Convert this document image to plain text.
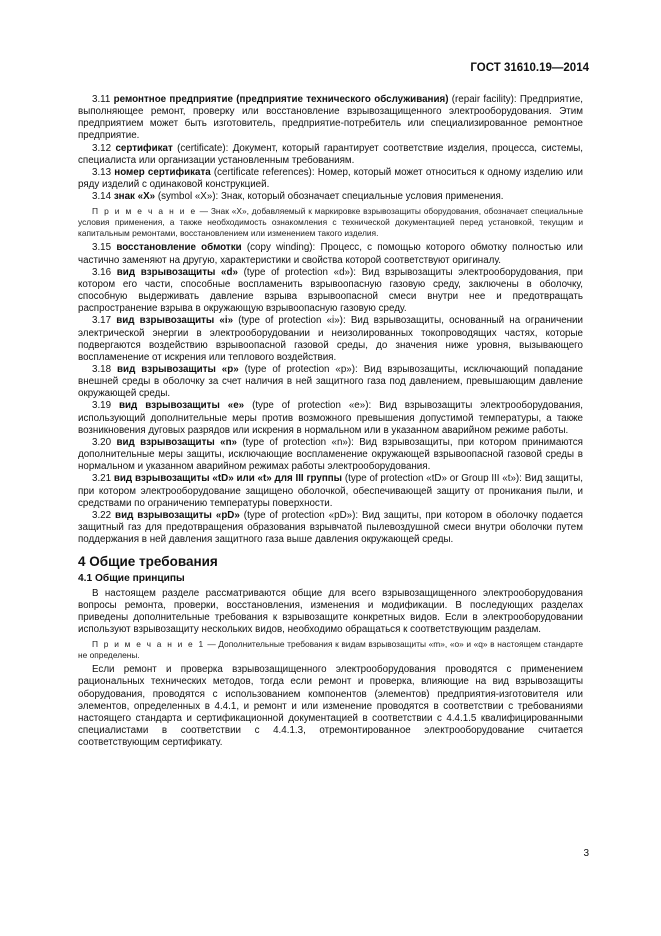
ГОСТ 31610.19—2014

3.11 ремонтное предприятие (предприятие технического обслуживания) (repair facility): Предприятие, выполняющее ремонт, проверку или восстановление взрывозащищенного электрооборудования. Этим предприятием может быть изготовитель, предприятие-потребитель или специализированное ремонтное предприятие.

3.12 сертификат (certificate): Документ, который гарантирует соответствие изделия, процесса, системы, специалиста или организации установленным требованиям.

3.13 номер сертификата (certificate references): Номер, который может относиться к одному изделию или ряду изделий с одинаковой конструкцией.

3.14 знак «X» (symbol «X»): Знак, который обозначает специальные условия применения.

П р и м е ч а н и е — Знак «X», добавляемый к маркировке взрывозащиты оборудования, обозначает специальные условия применения, а также необходимость ознакомления с технической документацией перед установкой, текущим и капитальным ремонтами, восстановлением или изменением такого изделия.

3.15 восстановление обмотки (copy winding): Процесс, с помощью которого обмотку полностью или частично заменяют на другую, характеристики и свойства которой соответствуют оригиналу.

3.16 вид взрывозащиты «d» (type of protection «d»): Вид взрывозащиты электрооборудования, при котором его части, способные воспламенить взрывоопасную газовую среду, заключены в оболочку, способную выдерживать давление взрыва взрывоопасной смеси внутри нее и предотвращать распространение взрыва в окружающую взрывоопасную газовую среду.

3.17 вид взрывозащиты «i» (type of protection «i»): Вид взрывозащиты, основанный на ограничении электрической энергии в электрооборудовании и неизолированных токопроводящих частях, которые подвергаются воздействию взрывоопасной газовой среды, до значения ниже уровня, вызывающего воспламенение от искрения или теплового воздействия.

3.18 вид взрывозащиты «p» (type of protection «p»): Вид взрывозащиты, исключающий попадание внешней среды в оболочку за счет наличия в ней защитного газа под давлением, превышающим давление окружающей среды.

3.19 вид взрывозащиты «e» (type of protection «e»): Вид взрывозащиты электрооборудования, использующий дополнительные меры против возможного превышения допустимой температуры, а также возникновения дуговых разрядов или искрения в нормальном или в указанном аварийном режиме работы.

3.20 вид взрывозащиты «n» (type of protection «n»): Вид взрывозащиты, при котором принимаются дополнительные меры защиты, исключающие воспламенение окружающей взрывоопасной газовой среды в нормальном и указанном аварийном режимах работы электрооборудования.

3.21 вид взрывозащиты «tD» или «t» для III группы (type of protection «tD» or Group III «t»): Вид защиты, при котором электрооборудование защищено оболочкой, обеспечивающей защиту от проникания пыли, и средствами по ограничению температуры поверхности.

3.22 вид взрывозащиты «pD» (type of protection «pD»): Вид защиты, при котором в оболочку подается защитный газ для предотвращения образования взрывчатой пылевоздушной смеси внутри оболочки путем поддержания в ней давления защитного газа выше давления окружающей среды.

4 Общие требования
4.1 Общие принципы

В настоящем разделе рассматриваются общие для всего взрывозащищенного электрооборудования вопросы ремонта, проверки, восстановления, изменения и модификации. В последующих разделах приведены дополнительные требования к взрывозащите конкретных видов. Если в электрооборудовании используют взрывозащиту нескольких видов, необходимо обращаться к соответствующим разделам.

П р и м е ч а н и е 1 — Дополнительные требования к видам взрывозащиты «m», «o» и «q» в настоящем стандарте не определены.

Если ремонт и проверка взрывозащищенного электрооборудования проводятся с применением рациональных технических методов, тогда если ремонт и проверка, влияющие на вид взрывозащиты оборудования, проводятся с использованием компонентов (элементов) предприятия-изготовителя или элементов, определенных в 4.4.1, и ремонт и или изменение проводятся в соответствии с требованиями настоящего стандарта и сертификационной документацией в соответствии с 4.4.1.5 квалифицированными специалистами в соответствии с 4.4.1.3, отремонтированное электрооборудование считается соответствующим сертификату.

3
